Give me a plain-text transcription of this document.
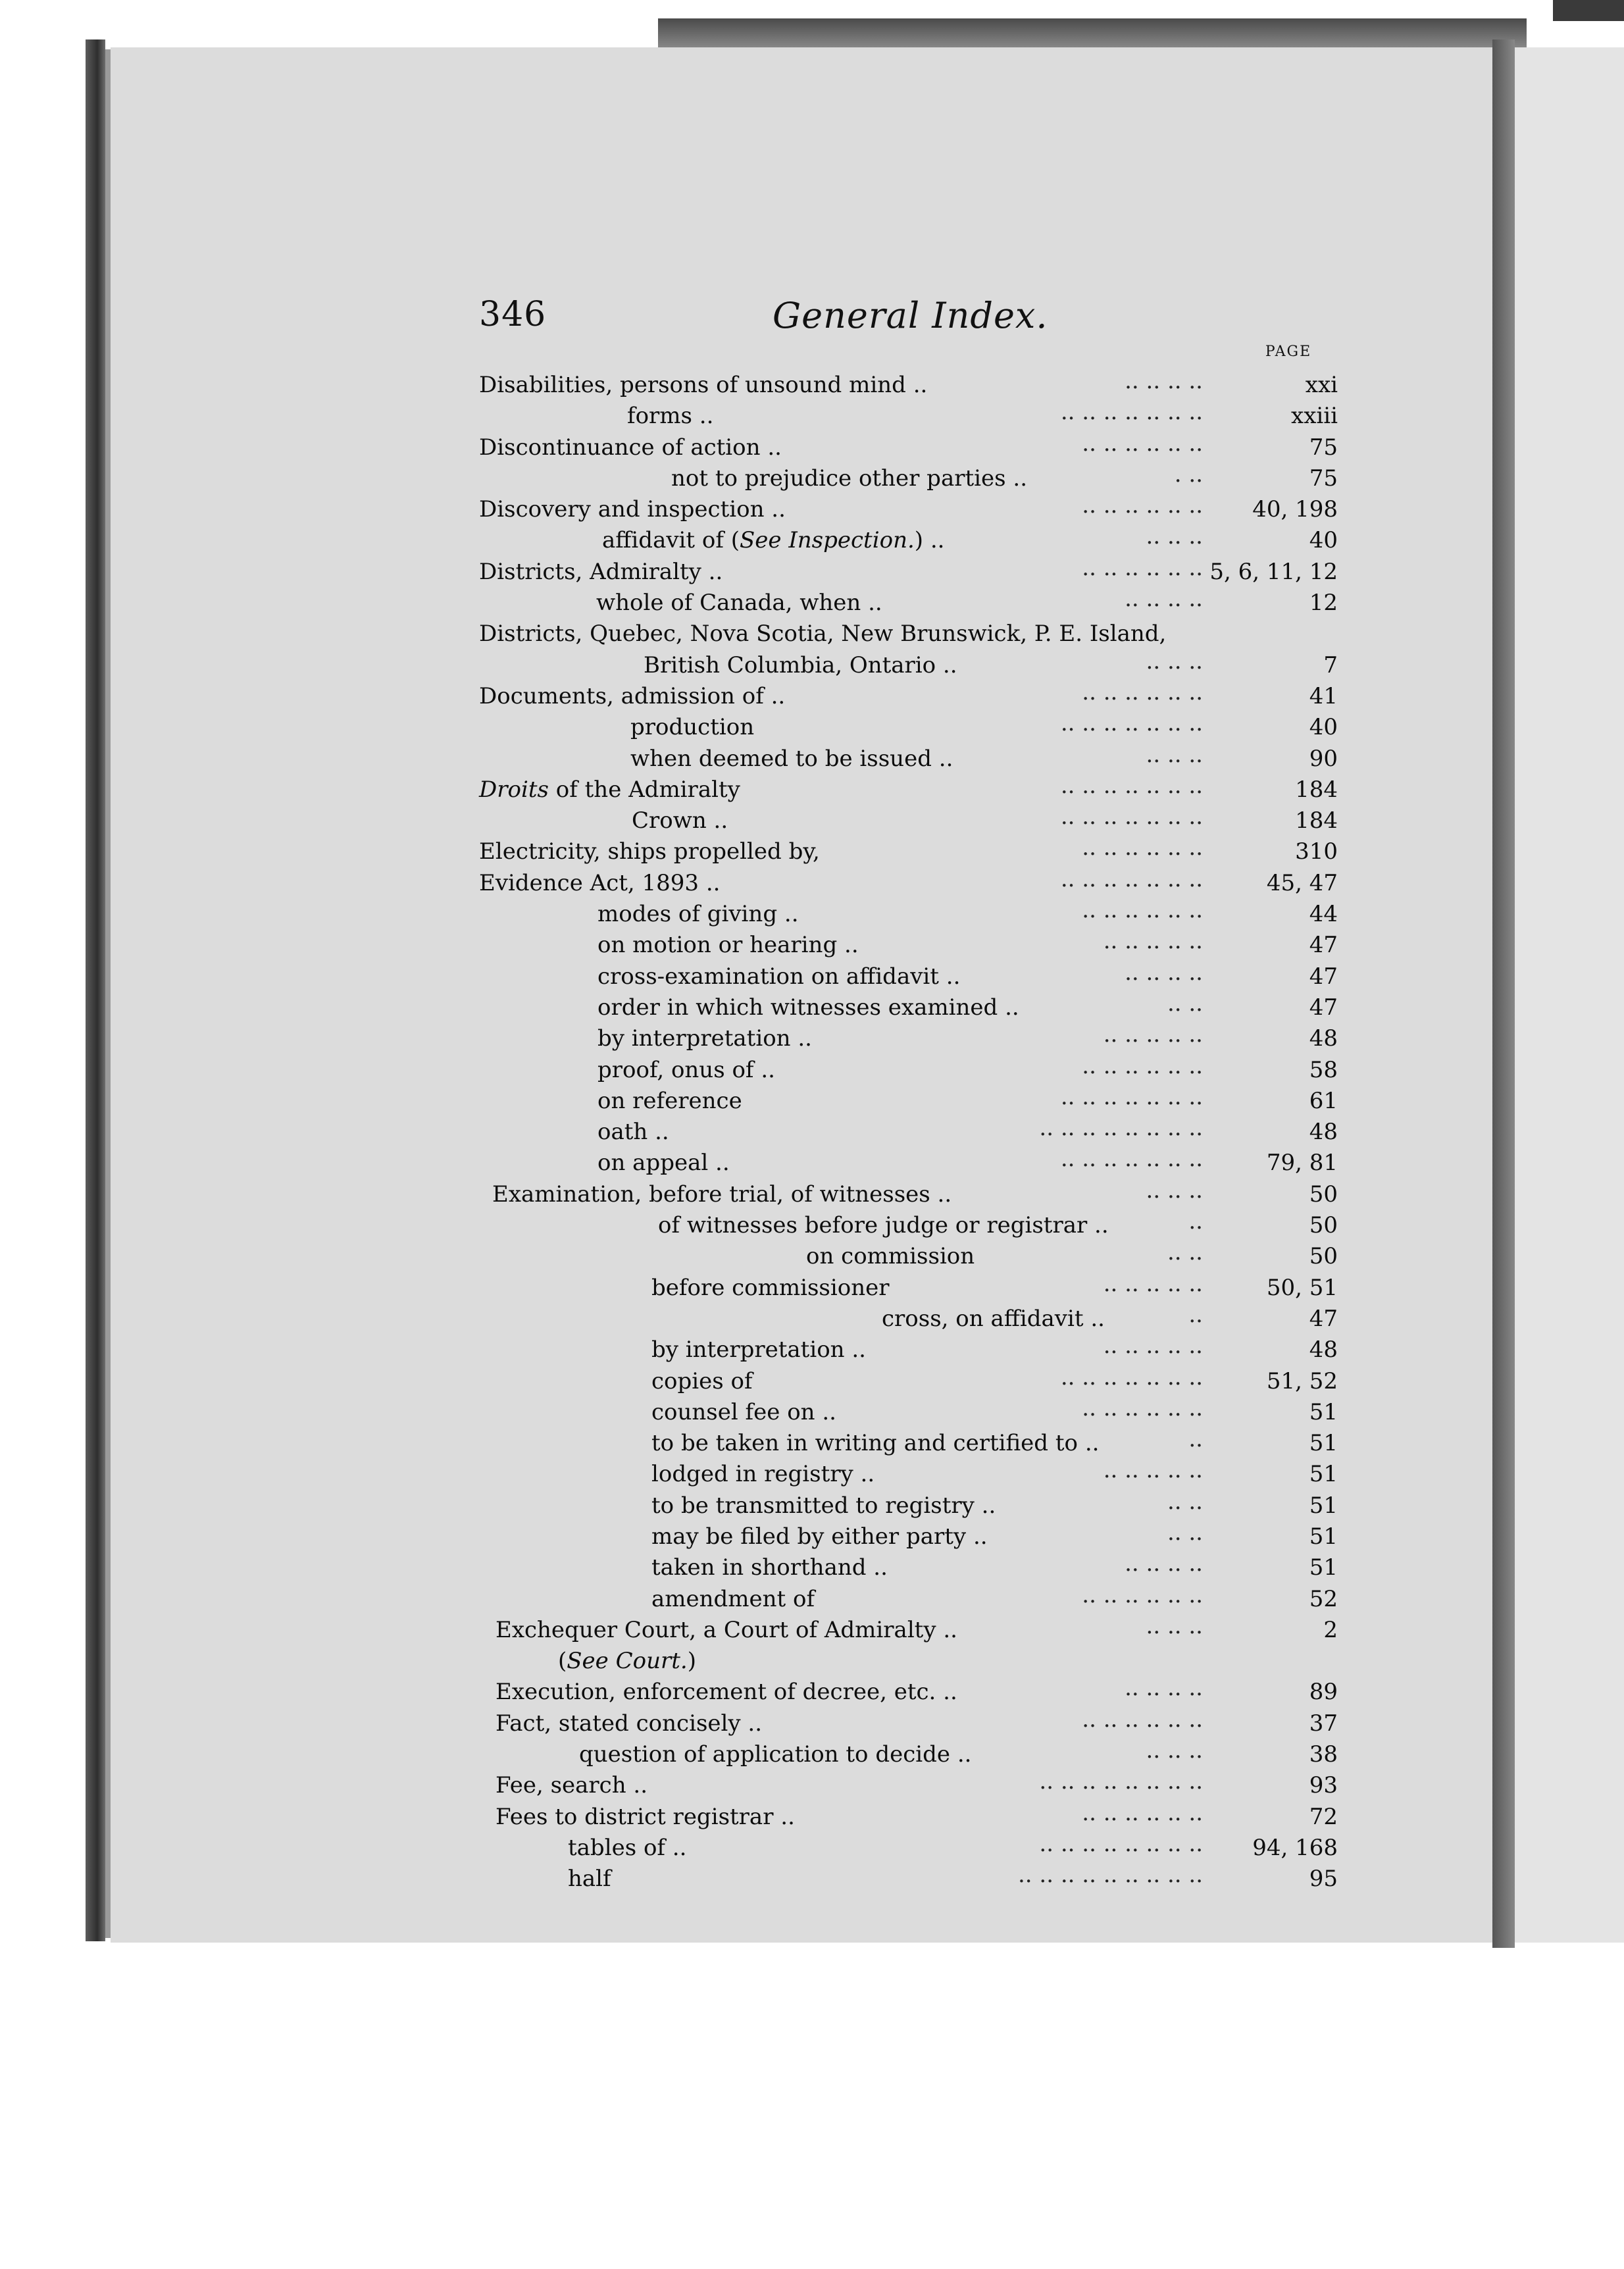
346	General Index.
PAGE
Disabilities, persons of unsound mind ..	.. .. .. ..	xxi
forms ..	.. .. .. .. .. .. ..	xxiii
Discontinuance of action ..	.. .. .. .. .. ..	75
not to prejudice other parties ..	. ..	75
Discovery and inspection ..	.. .. .. .. .. ..	40, 198
affidavit of (See Inspection.) ..	.. .. ..	40
Districts, Admiralty ..	.. .. .. .. .. .. 5, 6, 11, 12
whole of Canada, when ..	.. .. .. ..	12
Districts, Quebec, Nova Scotia, New Brunswick, P. E. Island,
British Columbia, Ontario ..	.. .. ..	7
Documents, admission of ..	.. .. .. .. .. ..	41
production	.. .. .. .. .. .. ..	40
when deemed to be issued ..	.. .. ..	90
Droits of the Admiralty	.. .. .. .. .. .. ..	184
Crown ..	.. .. .. .. .. .. ..	184
Electricity, ships propelled by,	.. .. .. .. .. ..	310
Evidence Act, 1893 ..	.. .. .. .. .. .. ..	45, 47
modes of giving ..	.. .. .. .. .. ..	44
on motion or hearing ..	.. .. .. .. ..	47
cross-examination on affidavit ..	.. .. .. ..	47
order in which witnesses examined ..	.. ..	47
by interpretation ..	.. .. .. .. ..	48
proof, onus of ..	.. .. .. .. .. ..	58
on reference	.. .. .. .. .. .. ..	61
oath ..	.. .. .. .. .. .. .. ..	48
on appeal ..	.. .. .. .. .. .. ..	79, 81
Examination, before trial, of witnesses ..	.. .. ..	50
of witnesses before judge or registrar ..	..	50
on commission	.. ..	50
before commissioner	.. .. .. .. ..	50, 51
cross, on affidavit ..	..	47
by interpretation ..	.. .. .. .. ..	48
copies of	.. .. .. .. .. .. ..	51, 52
counsel fee on ..	.. .. .. .. .. ..	51
to be taken in writing and certified to ..	..	51
lodged in registry ..	.. .. .. .. ..	51
to be transmitted to registry ..	.. ..	51
may be filed by either party ..	.. ..	51
taken in shorthand ..	.. .. .. ..	51
amendment of	.. .. .. .. .. ..	52
Exchequer Court, a Court of Admiralty ..	.. .. ..	2
(See Court.)
Execution, enforcement of decree, etc. ..	.. .. .. ..	89
Fact, stated concisely ..	.. .. .. .. .. ..	37
question of application to decide ..	.. .. ..	38
Fee, search ..	.. .. .. .. .. .. .. ..	93
Fees to district registrar ..	.. .. .. .. .. ..	72
tables of ..	.. .. .. .. .. .. .. ..	94, 168
half	.. .. .. .. .. .. .. .. ..	95
